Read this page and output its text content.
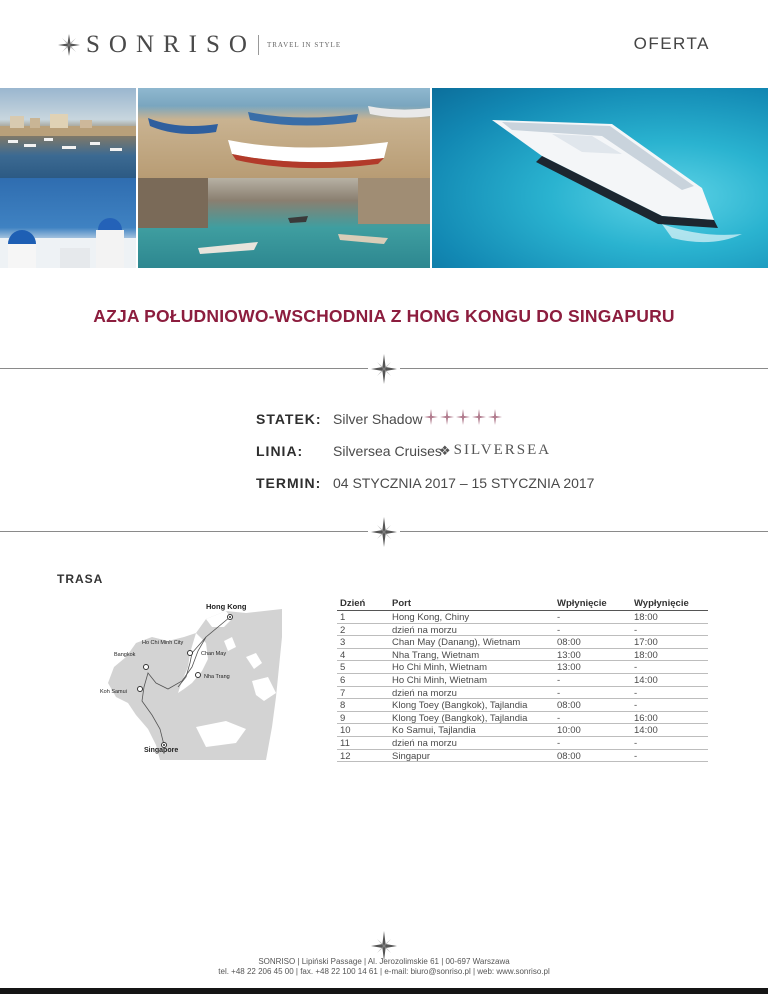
SONRISO TRAVEL IN STYLE	OFERTA
AZJA POŁUDNIOWO-WSCHODNIA Z HONG KONGU DO SINGAPURU
STATEK: Silver Shadow
LINIA: Silversea Cruises
❖ SILVERSEA
TERMIN: 04 STYCZNIA 2017 – 15 STYCZNIA 2017
TRASA
Hong Kong
Ho Chi Minh City
Chan May
Bangkok
Nha Trang
Koh Samui
Singapore
Dzień	Port	Wpłynięcie	Wypłynięcie
1	Hong Kong, Chiny	-	18:00
2	dzień na morzu	-	-
3	Chan May (Danang), Wietnam	08:00	17:00
4	Nha Trang, Wietnam	13:00	18:00
5	Ho Chi Minh, Wietnam	13:00	-
6	Ho Chi Minh, Wietnam	-	14:00
7	dzień na morzu	-	-
8	Klong Toey (Bangkok), Tajlandia	08:00	-
9	Klong Toey (Bangkok), Tajlandia	-	16:00
10	Ko Samui, Tajlandia	10:00	14:00
11	dzień na morzu	-	-
12	Singapur	08:00	-
SONRISO | Lipiński Passage | Al. Jerozolimskie 61 | 00-697 Warszawa
tel. +48 22 206 45 00 | fax. +48 22 100 14 61 | e-mail: biuro@sonriso.pl | web: www.sonriso.pl
